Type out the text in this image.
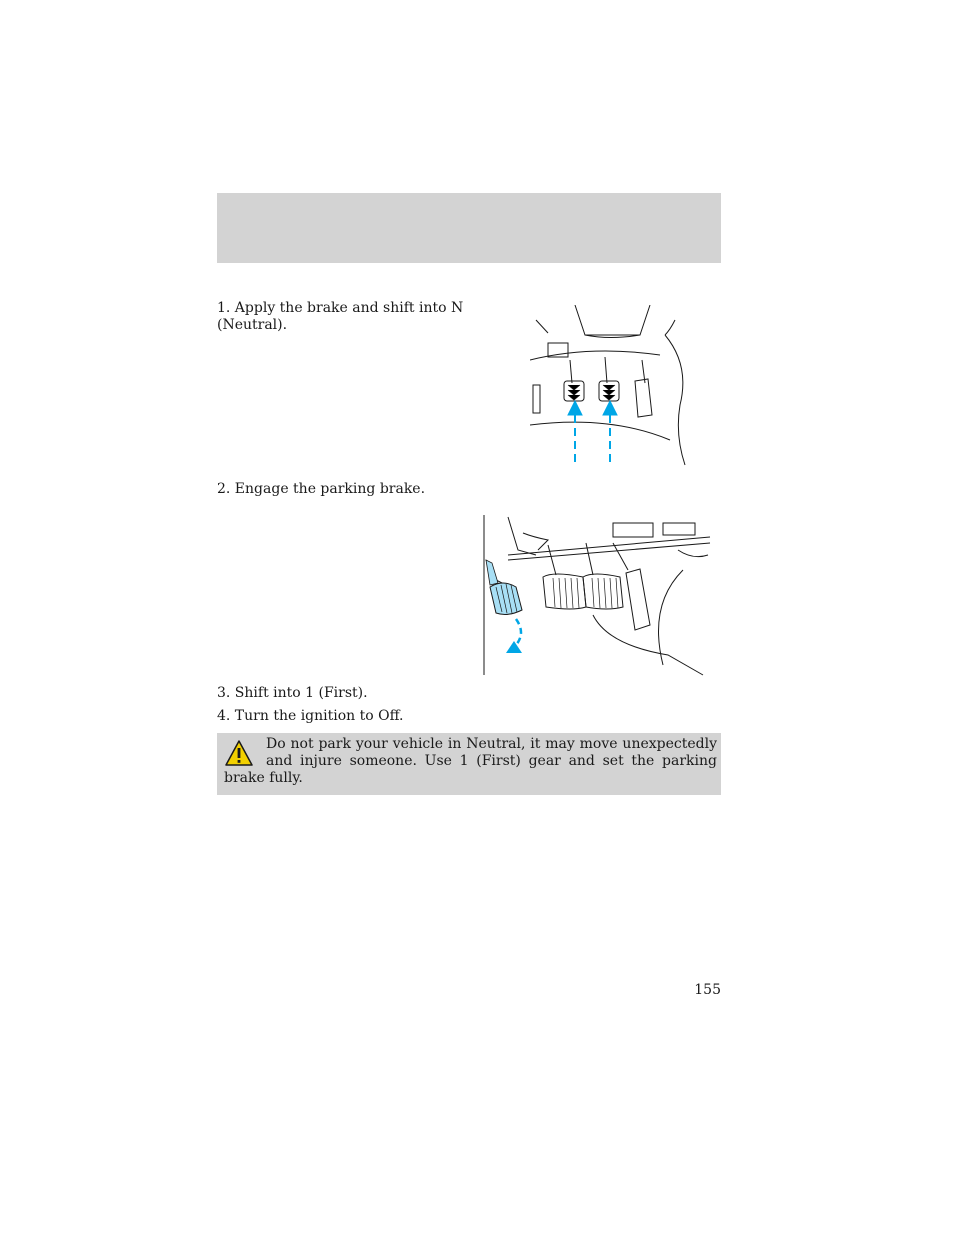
1. Apply the brake and shift into N (Neutral).
2. Engage the parking brake.
3. Shift into 1 (First).
4. Turn the ignition to Off.
Do not park your vehicle in Neutral, it may move unexpectedly and injure someone. Use 1 (First) gear and set the parking brake fully.
155
